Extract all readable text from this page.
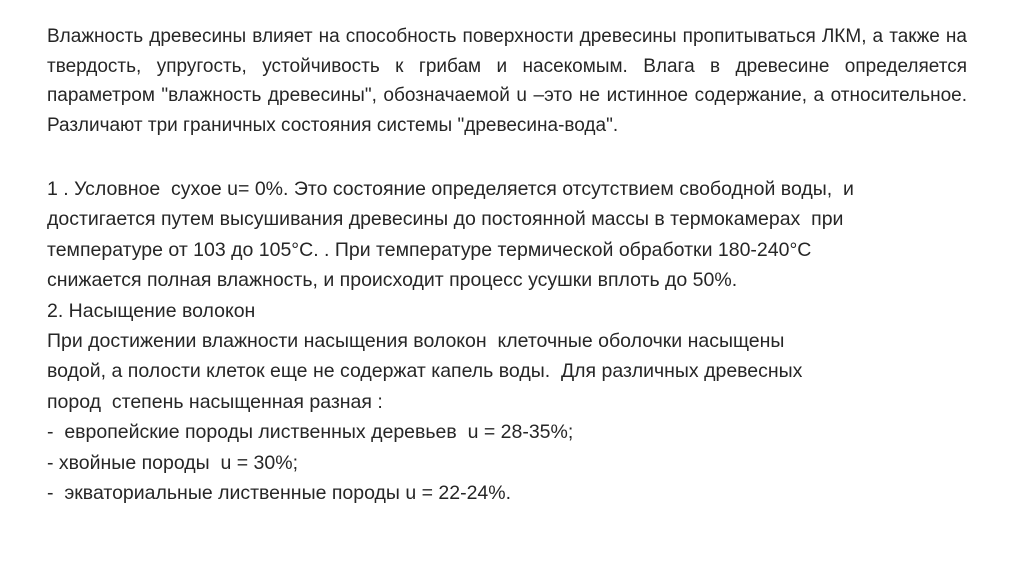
Влажность древесины влияет на способность поверхности древесины пропитываться ЛКМ, а также на твердость, упругость, устойчивость к грибам и насекомым. Влага в древесине определяется параметром "влажность древесины", обозначаемой u –это не истинное содержание, а относительное. Различают три граничных состояния системы "древесина-вода".

1 . Условное  сухое u= 0%. Это состояние определяется отсутствием свободной воды,  и
достигается путем высушивания древесины до постоянной массы в термокамерах  при
температуре от 103 до 105°С. . При температуре термической обработки 180-240°С
снижается полная влажность, и происходит процесс усушки вплоть до 50%.
2. Насыщение волокон
При достижении влажности насыщения волокон  клеточные оболочки насыщены
водой, а полости клеток еще не содержат капель воды.  Для различных древесных
пород  степень насыщенная разная :
-  европейские породы лиственных деревьев  u = 28-35%;
- хвойные породы  u = 30%;
-  экваториальные лиственные породы u = 22-24%.
